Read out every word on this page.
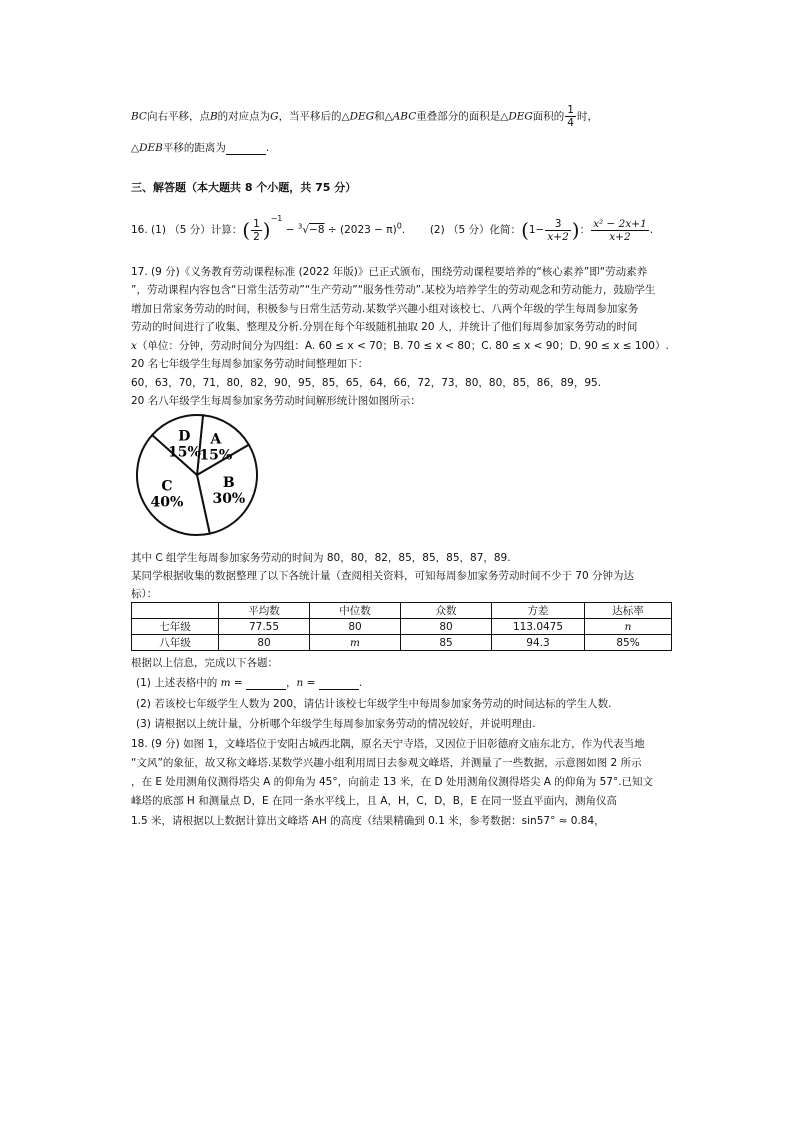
BC向右平移，点B的对应点为G，当平移后的△DEG和△ABC重叠部分的面积是△DEG面积的 $\frac{1}{4}$ 时，
△DEB平移的距离为	.
三、解答题（本大题共 8 个小题，共 75 分）
16. (1) （5 分）计算：( $\frac{1}{2} )^{-1} - ^3√-8 \div (2023 - \pi)^0$. (2) （5 分）化简：($1- \frac{3}{x+2}$ )： $\frac{\text{x² − 2x+1}}{x+2}$ .
17. (9 分)《义务教育劳动课程标准 (2022 年版)》已正式颁布，围绕劳动课程要培养的“核心素养”即“劳动素养
”，劳动课程内容包含“日常生活劳动”“生产劳动”“服务性劳动”.某校为培养学生的劳动观念和劳动能力，鼓励学生
增加日常家务劳动的时间，积极参与日常生活劳动.某数学兴趣小组对该校七、八两个年级的学生每周参加家务
劳动的时间进行了收集、整理及分析.分别在每个年级随机抽取 20 人，并统计了他们每周参加家务劳动的时间
x（单位：分钟，劳动时间分为四组：A. 60 ≤ x < 70；B. 70 ≤ x < 80；C. 80 ≤ x < 90；D. 90 ≤ x ≤ 100）.
20 名七年级学生每周参加家务劳动时间整理如下：
60，63，70，71，80，82，90，95，85，65，64，66，72，73，80，80，85，86，89，95.
20 名八年级学生每周参加家务劳动时间解形统计图如图所示：
A
15%
B
30%
C
40%
D
15%
其中 C 组学生每周参加家务劳动的时间为 80，80，82，85，85，85，87，89.
某同学根据收集的数据整理了以下各统计量（查阅相关资料，可知每周参加家务劳动时间不少于 70 分钟为达
标）：
	平均数	中位数	众数	方差	达标率
七年级	77.55	80	80	113.0475	n
八年级	80	m	85	94.3	85%
根据以上信息，完成以下各题：
(1) 上述表格中的 m =	，n =	.
(2) 若该校七年级学生人数为 200，请估计该校七年级学生中每周参加家务劳动的时间达标的学生人数.
(3) 请根据以上统计量，分析哪个年级学生每周参加家务劳动的情况较好，并说明理由.
18. (9 分) 如图 1，文峰塔位于安阳古城西北隅，原名天宁寺塔，又因位于旧彰德府文庙东北方，作为代表当地
“文风”的象征，故又称文峰塔.某数学兴趣小组利用周日去参观文峰塔，并测量了一些数据，示意图如图 2 所示
，在 E 处用测角仪测得塔尖 A 的仰角为 45°，向前走 13 米，在 D 处用测角仪测得塔尖 A 的仰角为 57°.已知文
峰塔的底部 H 和测量点 D，E 在同一条水平线上，且 A，H，C，D，B，E 在同一竖直平面内，测角仪高
1.5 米，请根据以上数据计算出文峰塔 AH 的高度（结果精确到 0.1 米，参考数据：sin57° ≈ 0.84，
